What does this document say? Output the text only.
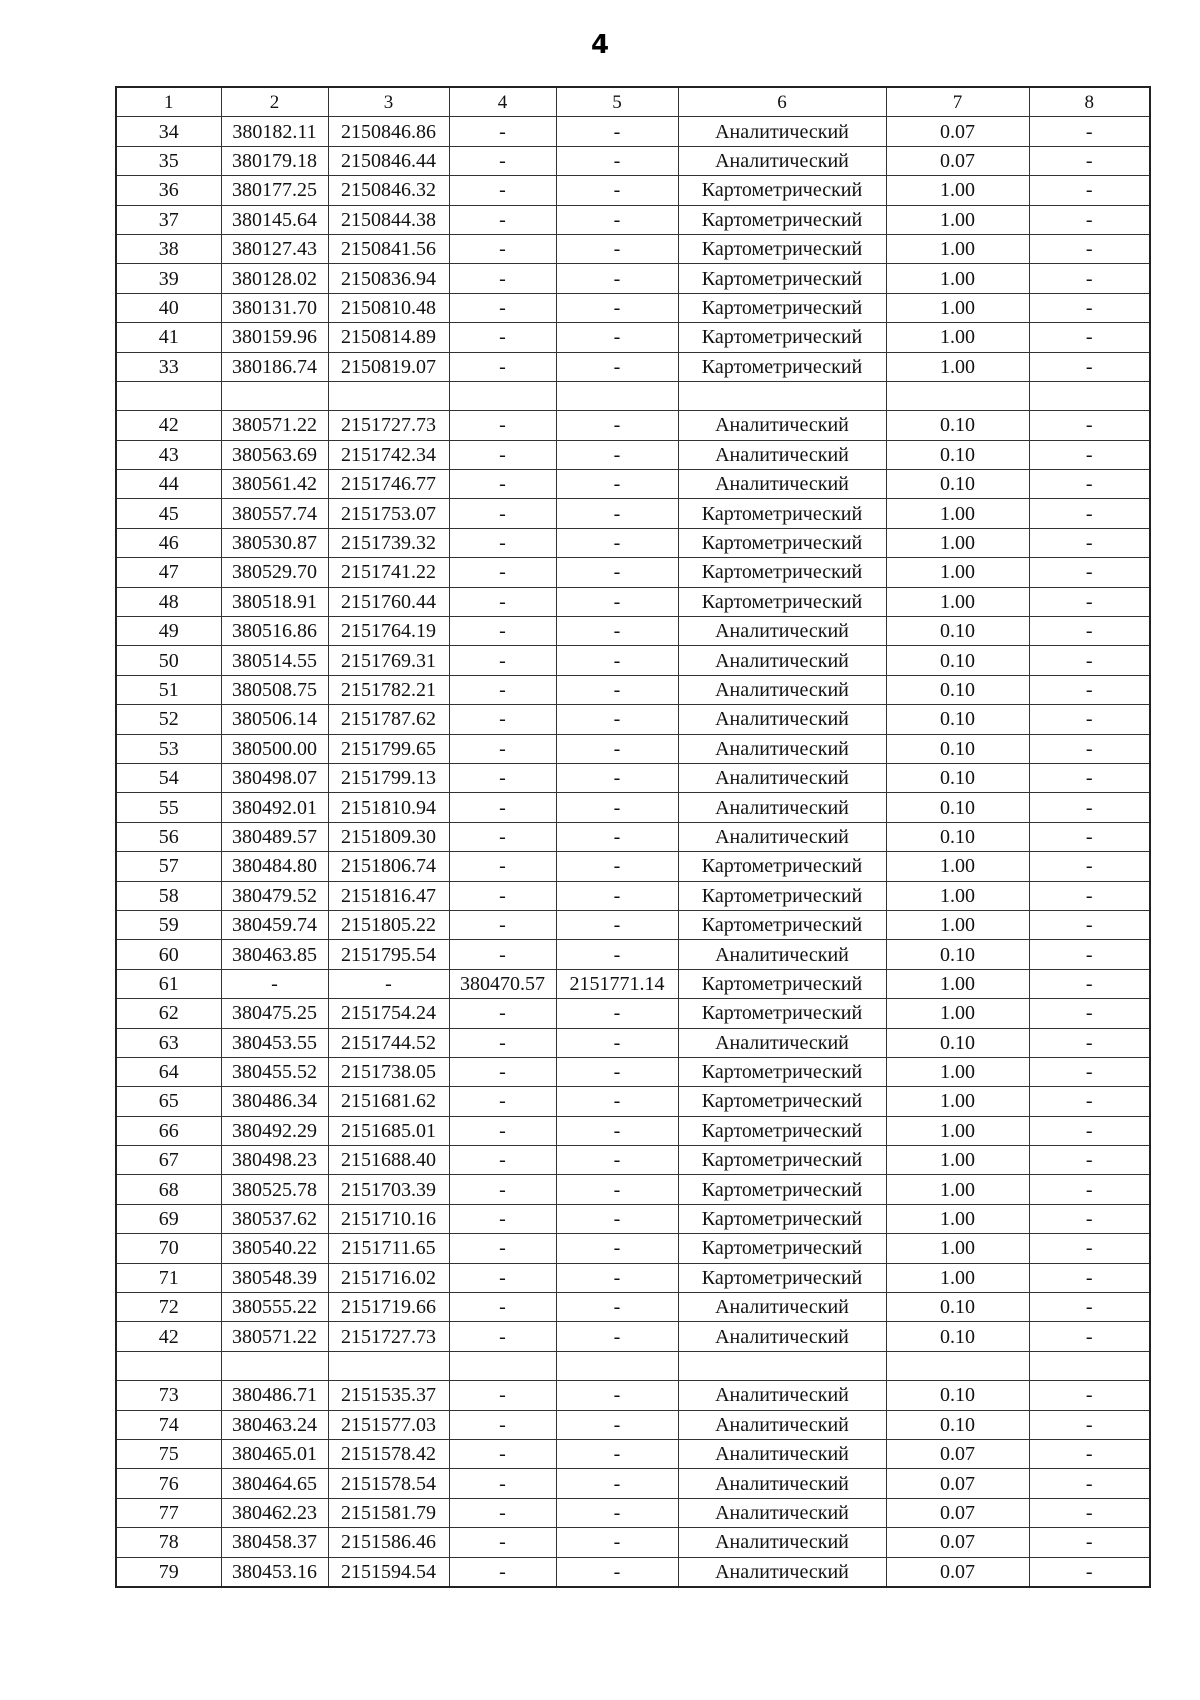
4
1	2	3	4	5	6	7	8
34	380182.11	2150846.86	-	-	Аналитический	0.07	-
35	380179.18	2150846.44	-	-	Аналитический	0.07	-
36	380177.25	2150846.32	-	-	Картометрический	1.00	-
37	380145.64	2150844.38	-	-	Картометрический	1.00	-
38	380127.43	2150841.56	-	-	Картометрический	1.00	-
39	380128.02	2150836.94	-	-	Картометрический	1.00	-
40	380131.70	2150810.48	-	-	Картометрический	1.00	-
41	380159.96	2150814.89	-	-	Картометрический	1.00	-
33	380186.74	2150819.07	-	-	Картометрический	1.00	-

42	380571.22	2151727.73	-	-	Аналитический	0.10	-
43	380563.69	2151742.34	-	-	Аналитический	0.10	-
44	380561.42	2151746.77	-	-	Аналитический	0.10	-
45	380557.74	2151753.07	-	-	Картометрический	1.00	-
46	380530.87	2151739.32	-	-	Картометрический	1.00	-
47	380529.70	2151741.22	-	-	Картометрический	1.00	-
48	380518.91	2151760.44	-	-	Картометрический	1.00	-
49	380516.86	2151764.19	-	-	Аналитический	0.10	-
50	380514.55	2151769.31	-	-	Аналитический	0.10	-
51	380508.75	2151782.21	-	-	Аналитический	0.10	-
52	380506.14	2151787.62	-	-	Аналитический	0.10	-
53	380500.00	2151799.65	-	-	Аналитический	0.10	-
54	380498.07	2151799.13	-	-	Аналитический	0.10	-
55	380492.01	2151810.94	-	-	Аналитический	0.10	-
56	380489.57	2151809.30	-	-	Аналитический	0.10	-
57	380484.80	2151806.74	-	-	Картометрический	1.00	-
58	380479.52	2151816.47	-	-	Картометрический	1.00	-
59	380459.74	2151805.22	-	-	Картометрический	1.00	-
60	380463.85	2151795.54	-	-	Аналитический	0.10	-
61	-	-	380470.57	2151771.14	Картометрический	1.00	-
62	380475.25	2151754.24	-	-	Картометрический	1.00	-
63	380453.55	2151744.52	-	-	Аналитический	0.10	-
64	380455.52	2151738.05	-	-	Картометрический	1.00	-
65	380486.34	2151681.62	-	-	Картометрический	1.00	-
66	380492.29	2151685.01	-	-	Картометрический	1.00	-
67	380498.23	2151688.40	-	-	Картометрический	1.00	-
68	380525.78	2151703.39	-	-	Картометрический	1.00	-
69	380537.62	2151710.16	-	-	Картометрический	1.00	-
70	380540.22	2151711.65	-	-	Картометрический	1.00	-
71	380548.39	2151716.02	-	-	Картометрический	1.00	-
72	380555.22	2151719.66	-	-	Аналитический	0.10	-
42	380571.22	2151727.73	-	-	Аналитический	0.10	-

73	380486.71	2151535.37	-	-	Аналитический	0.10	-
74	380463.24	2151577.03	-	-	Аналитический	0.10	-
75	380465.01	2151578.42	-	-	Аналитический	0.07	-
76	380464.65	2151578.54	-	-	Аналитический	0.07	-
77	380462.23	2151581.79	-	-	Аналитический	0.07	-
78	380458.37	2151586.46	-	-	Аналитический	0.07	-
79	380453.16	2151594.54	-	-	Аналитический	0.07	-
